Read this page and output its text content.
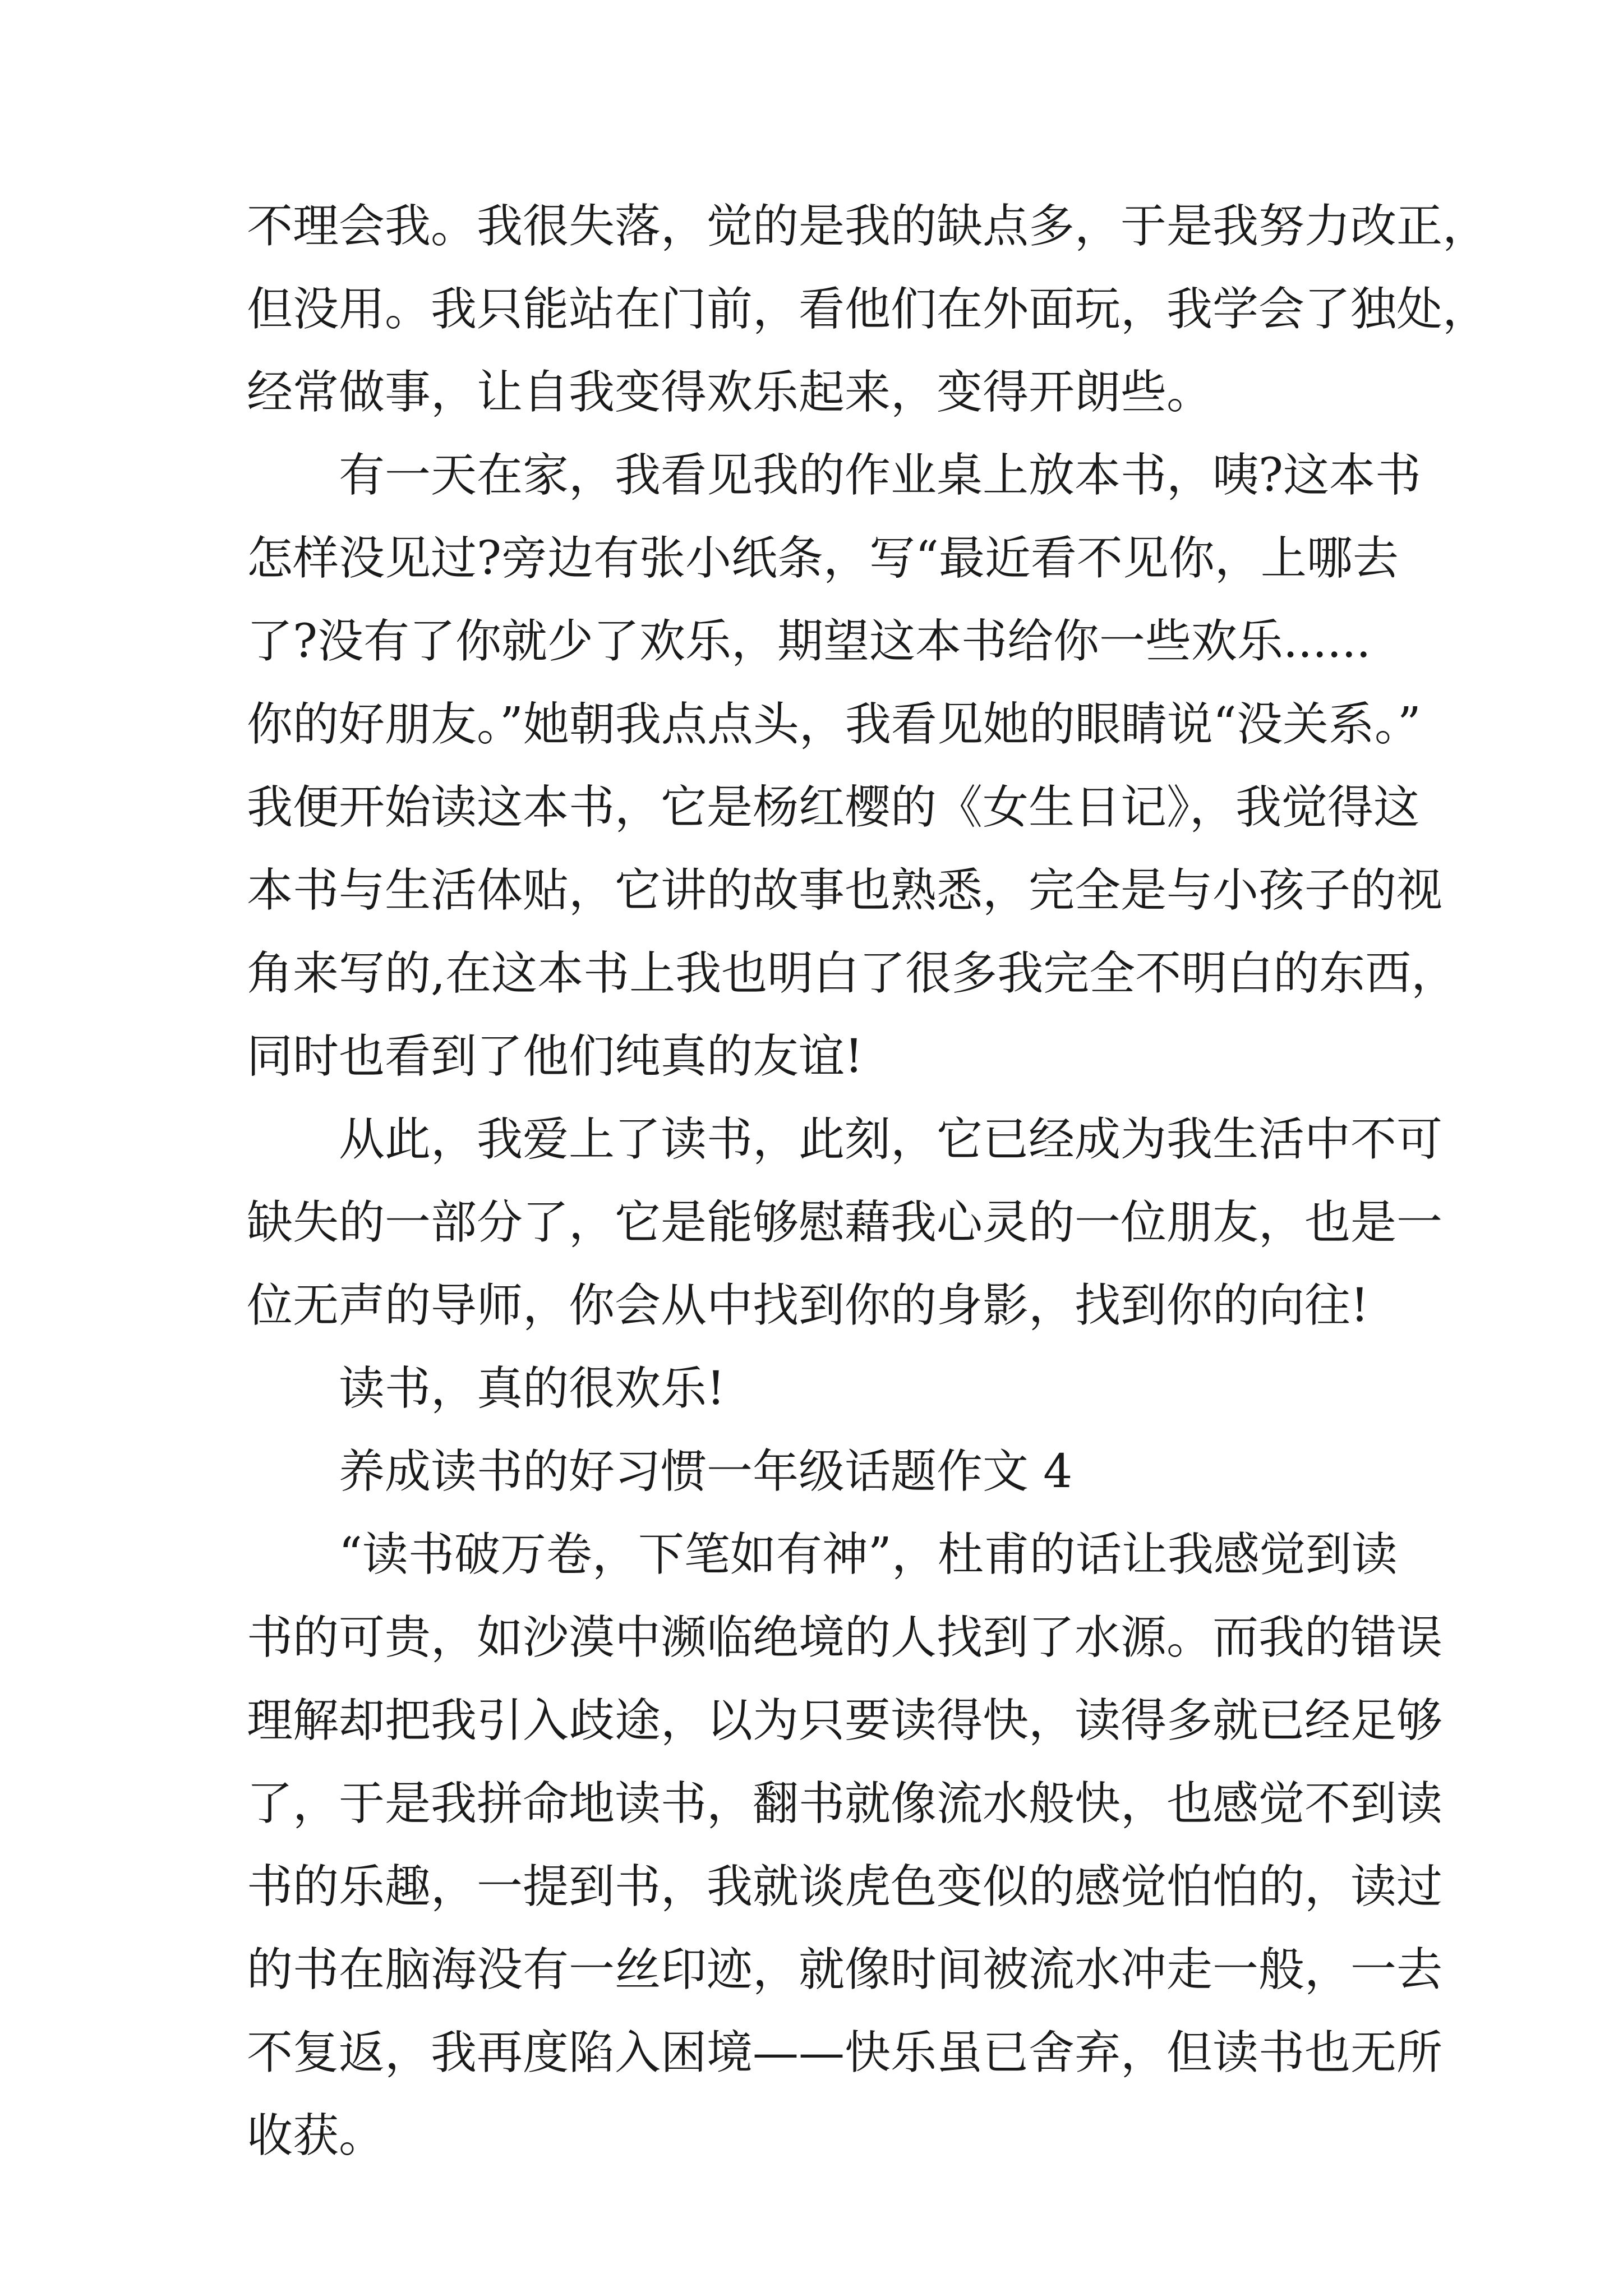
不理会我。我很失落，觉的是我的缺点多，于是我努力改正，
但没用。我只能站在门前，看他们在外面玩，我学会了独处，
经常做事，让自我变得欢乐起来，变得开朗些。
有一天在家，我看见我的作业桌上放本书，咦?这本书
怎样没见过?旁边有张小纸条，写“最近看不见你，上哪去
了?没有了你就少了欢乐，期望这本书给你一些欢乐......
你的好朋友。”她朝我点点头，我看见她的眼睛说“没关系。”
我便开始读这本书，它是杨红樱的《女生日记》，我觉得这
本书与生活体贴，它讲的故事也熟悉，完全是与小孩子的视
角来写的,在这本书上我也明白了很多我完全不明白的东西，
同时也看到了他们纯真的友谊!
从此，我爱上了读书，此刻，它已经成为我生活中不可
缺失的一部分了，它是能够慰藉我心灵的一位朋友，也是一
位无声的导师，你会从中找到你的身影，找到你的向往!
读书，真的很欢乐!
养成读书的好习惯一年级话题作文 4
“读书破万卷，下笔如有神”，杜甫的话让我感觉到读
书的可贵，如沙漠中濒临绝境的人找到了水源。而我的错误
理解却把我引入歧途，以为只要读得快，读得多就已经足够
了，于是我拼命地读书，翻书就像流水般快，也感觉不到读
书的乐趣，一提到书，我就谈虎色变似的感觉怕怕的，读过
的书在脑海没有一丝印迹，就像时间被流水冲走一般，一去
不复返，我再度陷入困境——快乐虽已舍弃，但读书也无所
收获。
